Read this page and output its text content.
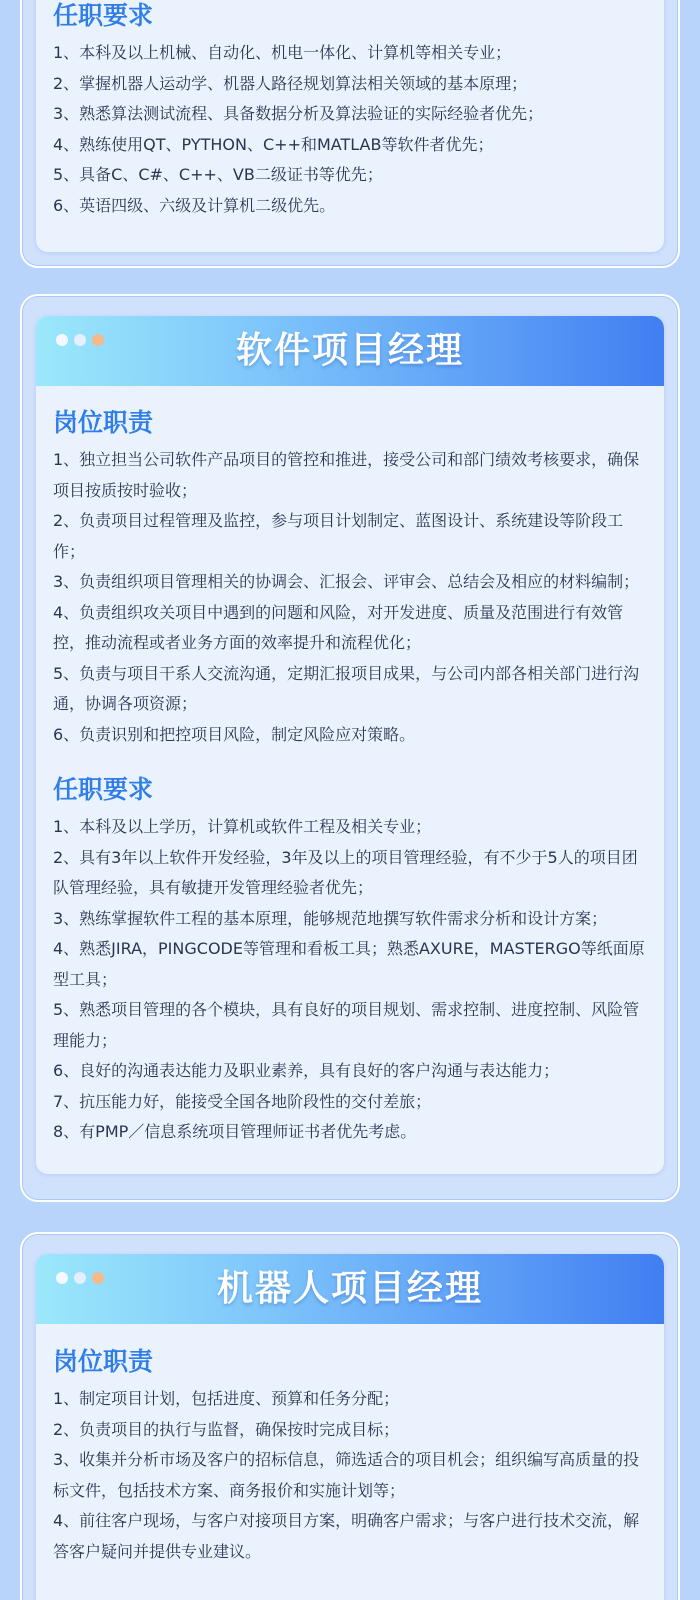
任职要求

1、本科及以上机械、自动化、机电一体化、计算机等相关专业；

2、掌握机器人运动学、机器人路径规划算法相关领域的基本原理；

3、熟悉算法测试流程、具备数据分析及算法验证的实际经验者优先；

4、熟练使用QT、PYTHON、C++和MATLAB等软件者优先；

5、具备C、C#、C++、VB二级证书等优先；

6、英语四级、六级及计算机二级优先。

软件项目经理
岗位职责

1、独立担当公司软件产品项目的管控和推进，接受公司和部门绩效考核要求，确保项目按质按时验收；

2、负责项目过程管理及监控，参与项目计划制定、蓝图设计、系统建设等阶段工作；

3、负责组织项目管理相关的协调会、汇报会、评审会、总结会及相应的材料编制；

4、负责组织攻关项目中遇到的问题和风险，对开发进度、质量及范围进行有效管控，推动流程或者业务方面的效率提升和流程优化；

5、负责与项目干系人交流沟通，定期汇报项目成果，与公司内部各相关部门进行沟通，协调各项资源；

6、负责识别和把控项目风险，制定风险应对策略。

任职要求

1、本科及以上学历，计算机或软件工程及相关专业；

2、具有3年以上软件开发经验，3年及以上的项目管理经验，有不少于5人的项目团队管理经验，具有敏捷开发管理经验者优先；

3、熟练掌握软件工程的基本原理，能够规范地撰写软件需求分析和设计方案；

4、熟悉JIRA，PINGCODE等管理和看板工具；熟悉AXURE，MASTERGO等纸面原型工具；

5、熟悉项目管理的各个模块，具有良好的项目规划、需求控制、进度控制、风险管理能力；

6、良好的沟通表达能力及职业素养，具有良好的客户沟通与表达能力；

7、抗压能力好，能接受全国各地阶段性的交付差旅；

8、有PMP／信息系统项目管理师证书者优先考虑。

机器人项目经理
岗位职责

1、制定项目计划，包括进度、预算和任务分配；

2、负责项目的执行与监督，确保按时完成目标；

3、收集并分析市场及客户的招标信息，筛选适合的项目机会；组织编写高质量的投标文件，包括技术方案、商务报价和实施计划等；

4、前往客户现场，与客户对接项目方案，明确客户需求；与客户进行技术交流，解答客户疑问并提供专业建议。
